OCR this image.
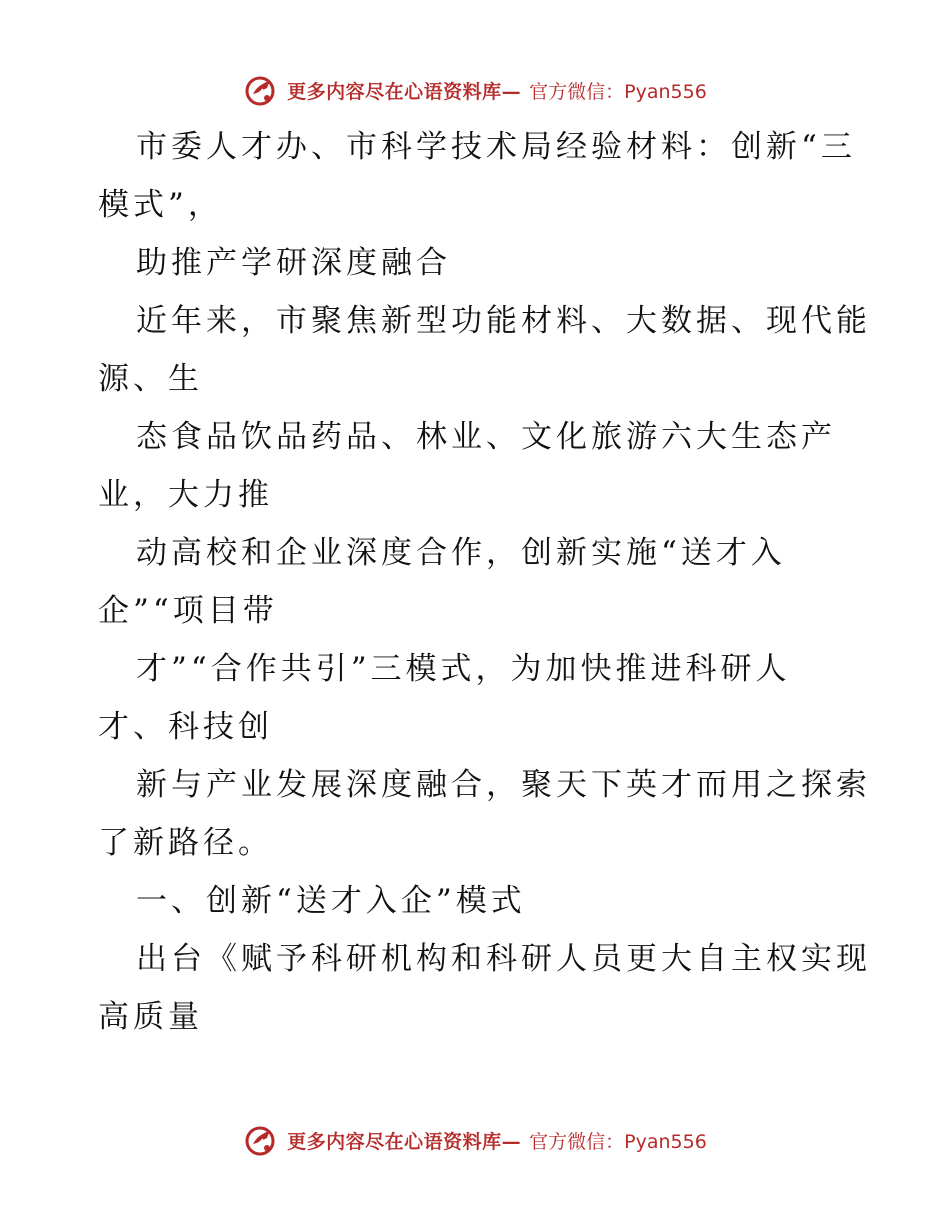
更多内容尽在心语资料库— 官方微信：Pyan556
市委人才办、市科学技术局经验材料：创新“三
模式”，
助推产学研深度融合
近年来，市聚焦新型功能材料、大数据、现代能
源、生
态食品饮品药品、林业、文化旅游六大生态产
业，大力推
动高校和企业深度合作，创新实施“送才入
企”“项目带
才”“合作共引”三模式，为加快推进科研人
才、科技创
新与产业发展深度融合，聚天下英才而用之探索
了新路径。
一、创新“送才入企”模式
出台《赋予科研机构和科研人员更大自主权实现
高质量
更多内容尽在心语资料库— 官方微信：Pyan556
